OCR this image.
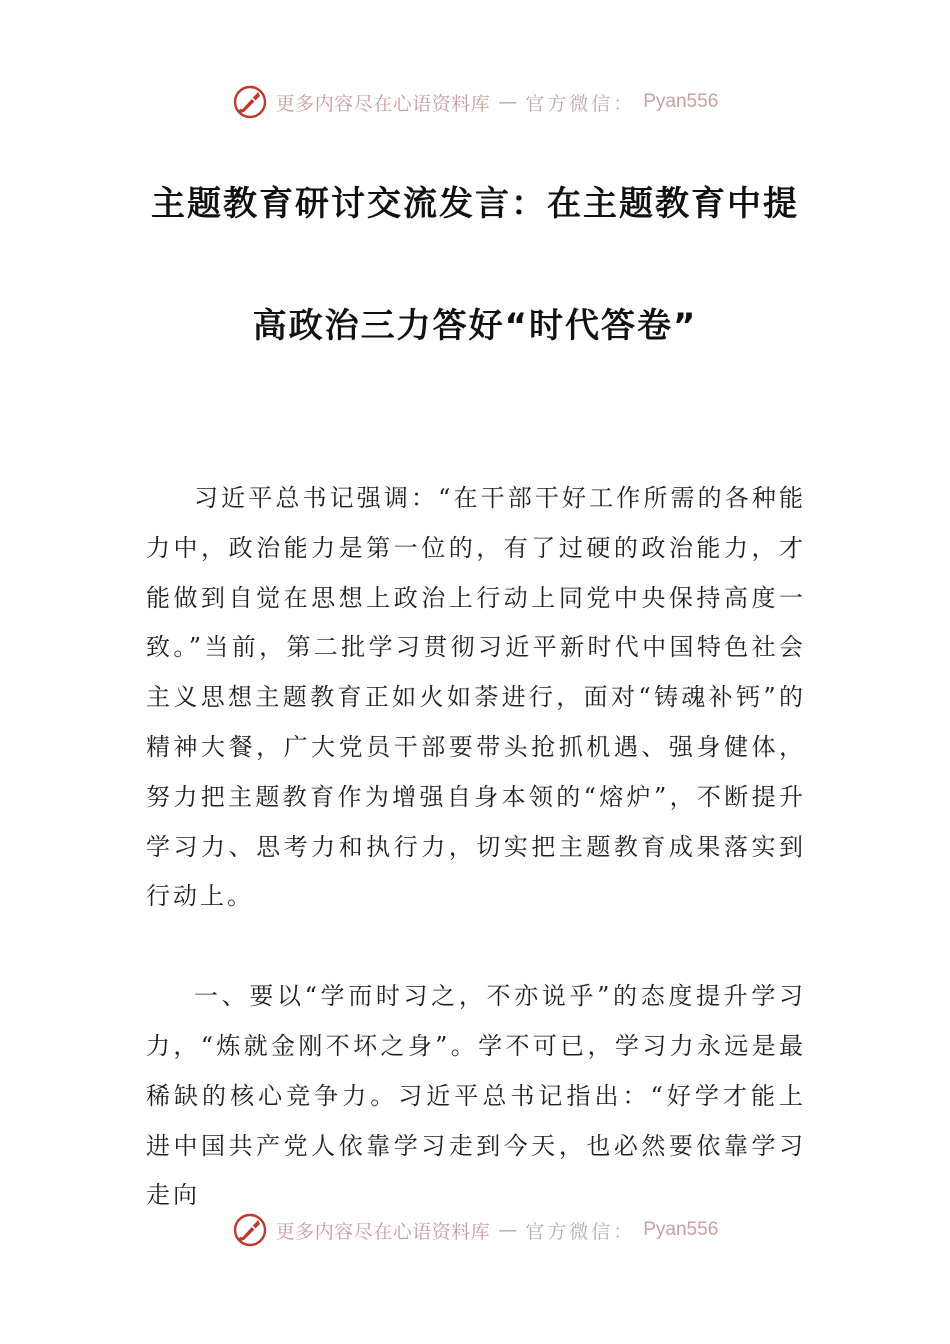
更多内容尽在心语资料库 — 官方微信： Pyan556
主题教育研讨交流发言：在主题教育中提
高政治三力答好“时代答卷”

习近平总书记强调：“在干部干好工作所需的各种能力中，政治能力是第一位的，有了过硬的政治能力，才能做到自觉在思想上政治上行动上同党中央保持高度一致。”当前，第二批学习贯彻习近平新时代中国特色社会主义思想主题教育正如火如荼进行，面对“铸魂补钙”的精神大餐，广大党员干部要带头抢抓机遇、强身健体，努力把主题教育作为增强自身本领的“熔炉”，不断提升学习力、思考力和执行力，切实把主题教育成果落实到行动上。

一、要以“学而时习之，不亦说乎”的态度提升学习力，“炼就金刚不坏之身”。学不可已，学习力永远是最稀缺的核心竞争力。习近平总书记指出：“好学才能上进中国共产党人依靠学习走到今天，也必然要依靠学习走向

更多内容尽在心语资料库 — 官方微信： Pyan556
